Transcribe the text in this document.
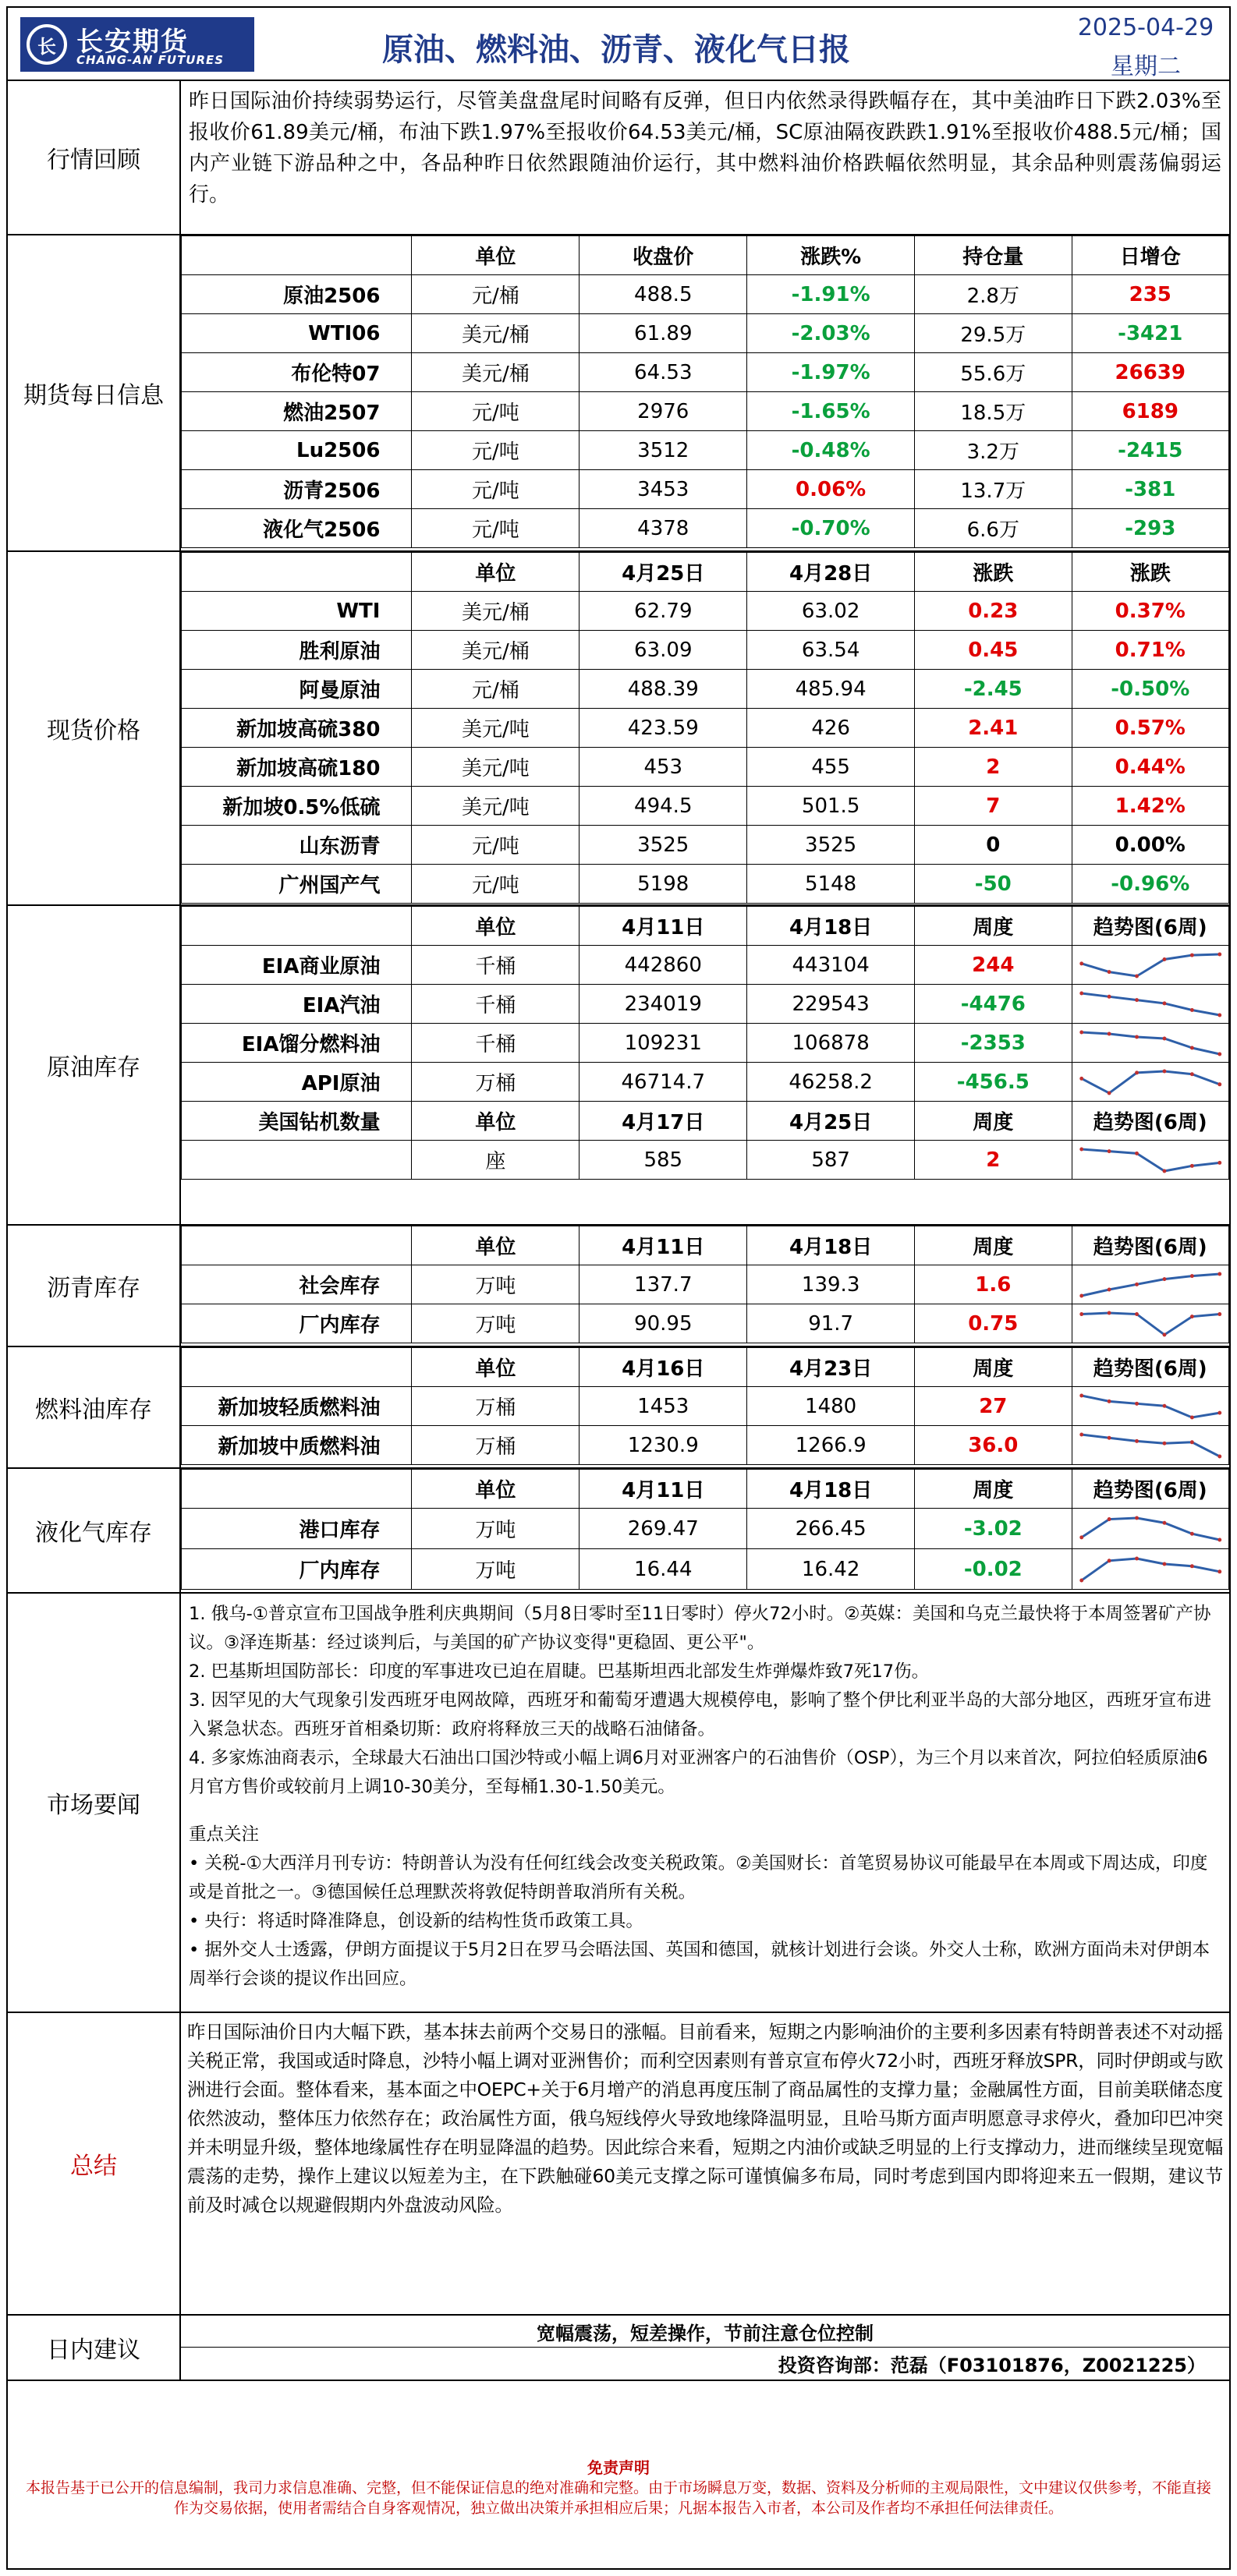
长 长安期货
CHANG-AN FUTURES	原油、燃料油、沥青、液化气日报
2025-04-29
星期二
行情回顾
昨日国际油价持续弱势运行，尽管美盘盘尾时间略有反弹，但日内依然录得跌幅存在，其中美油昨日下跌2.03%至报收价61.89美元/桶，布油下跌1.97%至报收价64.53美元/桶，SC原油隔夜跌跌1.91%至报收价488.5元/桶；国内产业链下游品种之中，各品种昨日依然跟随油价运行，其中燃料油价格跌幅依然明显，其余品种则震荡偏弱运行。
期货每日信息
	单位	收盘价	涨跌%	持仓量	日增仓
原油2506	元/桶	488.5	-1.91%	2.8万	235
WTI06	美元/桶	61.89	-2.03%	29.5万	-3421
布伦特07	美元/桶	64.53	-1.97%	55.6万	26639
燃油2507	元/吨	2976	-1.65%	18.5万	6189
Lu2506	元/吨	3512	-0.48%	3.2万	-2415
沥青2506	元/吨	3453	0.06%	13.7万	-381
液化气2506	元/吨	4378	-0.70%	6.6万	-293
现货价格
	单位	4月25日	4月28日	涨跌	涨跌
WTI	美元/桶	62.79	63.02	0.23	0.37%
胜利原油	美元/桶	63.09	63.54	0.45	0.71%
阿曼原油	元/桶	488.39	485.94	-2.45	-0.50%
新加坡高硫380	美元/吨	423.59	426	2.41	0.57%
新加坡高硫180	美元/吨	453	455	2	0.44%
新加坡0.5%低硫	美元/吨	494.5	501.5	7	1.42%
山东沥青	元/吨	3525	3525	0	0.00%
广州国产气	元/吨	5198	5148	-50	-0.96%
原油库存
	单位	4月11日	4月18日	周度	趋势图(6周)
EIA商业原油	千桶	442860	443104	244	

EIA汽油	千桶	234019	229543	-4476	

EIA馏分燃料油	千桶	109231	106878	-2353	

API原油	万桶	46714.7	46258.2	-456.5	

美国钻机数量	单位	4月17日	4月25日	周度	趋势图(6周)
	座	585	587	2	
沥青库存
	单位	4月11日	4月18日	周度	趋势图(6周)
社会库存	万吨	137.7	139.3	1.6	

厂内库存	万吨	90.95	91.7	0.75	
燃料油库存
	单位	4月16日	4月23日	周度	趋势图(6周)
新加坡轻质燃料油	万桶	1453	1480	27	

新加坡中质燃料油	万桶	1230.9	1266.9	36.0	
液化气库存
	单位	4月11日	4月18日	周度	趋势图(6周)
港口库存	万吨	269.47	266.45	-3.02	

厂内库存	万吨	16.44	16.42	-0.02	
市场要闻
1. 俄乌-①普京宣布卫国战争胜利庆典期间（5月8日零时至11日零时）停火72小时。②英媒：美国和乌克兰最快将于本周签署矿产协议。③泽连斯基：经过谈判后，与美国的矿产协议变得"更稳固、更公平"。
2. 巴基斯坦国防部长：印度的军事进攻已迫在眉睫。巴基斯坦西北部发生炸弹爆炸致7死17伤。
3. 因罕见的大气现象引发西班牙电网故障，西班牙和葡萄牙遭遇大规模停电，影响了整个伊比利亚半岛的大部分地区，西班牙宣布进入紧急状态。西班牙首相桑切斯：政府将释放三天的战略石油储备。
4. 多家炼油商表示，全球最大石油出口国沙特或小幅上调6月对亚洲客户的石油售价（OSP），为三个月以来首次，阿拉伯轻质原油6月官方售价或较前月上调10-30美分，至每桶1.30-1.50美元。
重点关注
• 关税-①大西洋月刊专访：特朗普认为没有任何红线会改变关税政策。②美国财长：首笔贸易协议可能最早在本周或下周达成，印度或是首批之一。③德国候任总理默茨将敦促特朗普取消所有关税。
• 央行：将适时降准降息，创设新的结构性货币政策工具。
• 据外交人士透露，伊朗方面提议于5月2日在罗马会晤法国、英国和德国，就核计划进行会谈。外交人士称，欧洲方面尚未对伊朗本周举行会谈的提议作出回应。
总结
昨日国际油价日内大幅下跌，基本抹去前两个交易日的涨幅。目前看来，短期之内影响油价的主要利多因素有特朗普表述不对动摇关税正常，我国或适时降息，沙特小幅上调对亚洲售价；而利空因素则有普京宣布停火72小时，西班牙释放SPR，同时伊朗或与欧洲进行会面。整体看来，基本面之中OEPC+关于6月增产的消息再度压制了商品属性的支撑力量；金融属性方面，目前美联储态度依然波动，整体压力依然存在；政治属性方面，俄乌短线停火导致地缘降温明显，且哈马斯方面声明愿意寻求停火，叠加印巴冲突并未明显升级，整体地缘属性存在明显降温的趋势。因此综合来看，短期之内油价或缺乏明显的上行支撑动力，进而继续呈现宽幅震荡的走势，操作上建议以短差为主，在下跌触碰60美元支撑之际可谨慎偏多布局，同时考虑到国内即将迎来五一假期，建议节前及时减仓以规避假期内外盘波动风险。
日内建议
宽幅震荡，短差操作，节前注意仓位控制
投资咨询部：范磊（F03101876，Z0021225）
免责声明
本报告基于已公开的信息编制，我司力求信息准确、完整，但不能保证信息的绝对准确和完整。由于市场瞬息万变，数据、资料及分析师的主观局限性，文中建议仅供参考，不能直接作为交易依据，使用者需结合自身客观情况，独立做出决策并承担相应后果；凡据本报告入市者，本公司及作者均不承担任何法律责任。
